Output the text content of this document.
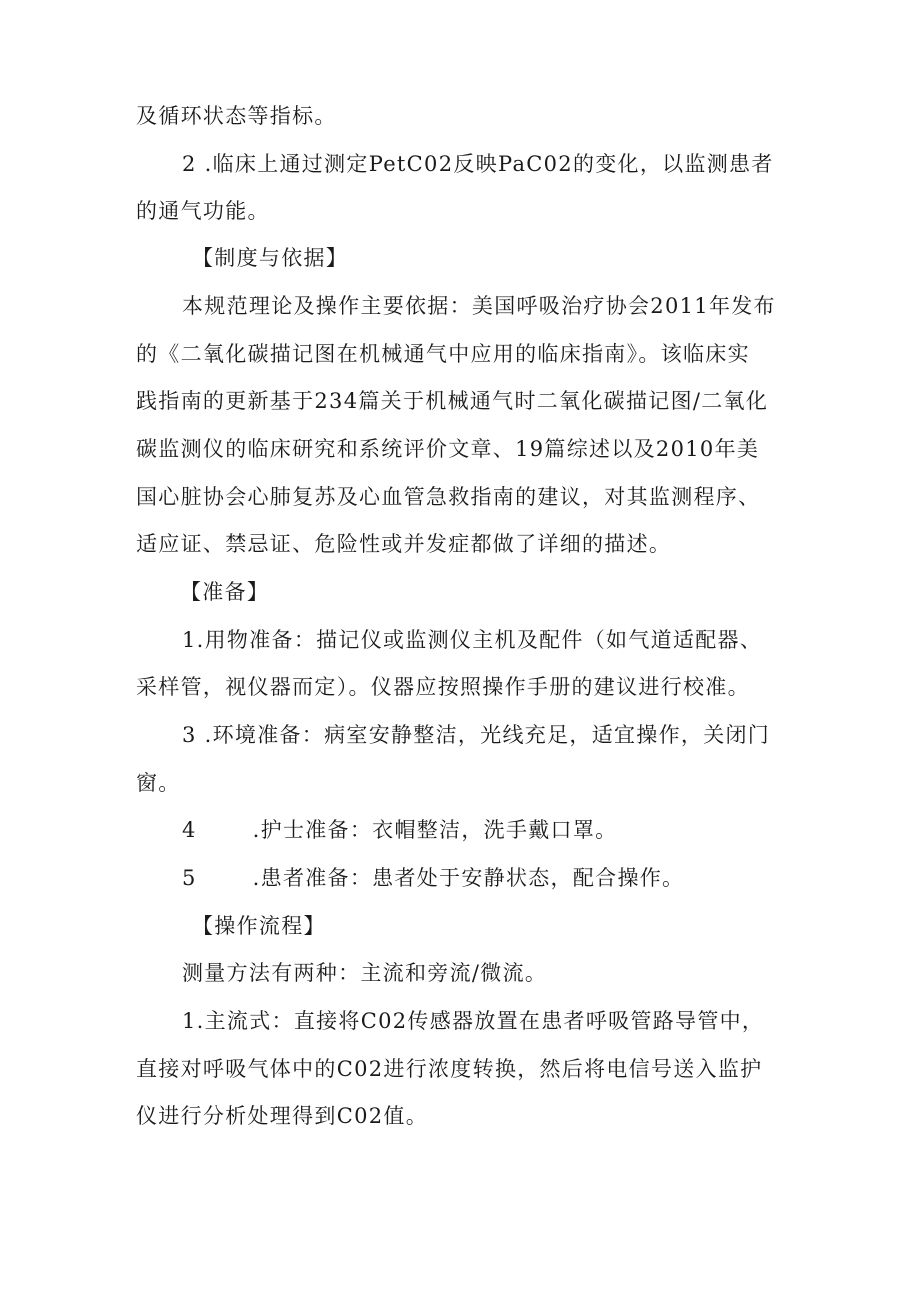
及循环状态等指标。
2 .临床上通过测定PetC02反映PaC02的变化，以监测患者
的通气功能。
【制度与依据】
本规范理论及操作主要依据：美国呼吸治疗协会2011年发布
的《二氧化碳描记图在机械通气中应用的临床指南》。该临床实
践指南的更新基于234篇关于机械通气时二氧化碳描记图/二氧化
碳监测仪的临床研究和系统评价文章、19篇综述以及2010年美
国心脏协会心肺复苏及心血管急救指南的建议，对其监测程序、
适应证、禁忌证、危险性或并发症都做了详细的描述。
【准备】
1.用物准备：描记仪或监测仪主机及配件（如气道适配器、
采样管，视仪器而定）。仪器应按照操作手册的建议进行校准。
3 .环境准备：病室安静整洁，光线充足，适宜操作，关闭门
窗。
4	.护士准备：衣帽整洁，洗手戴口罩。
5	.患者准备：患者处于安静状态，配合操作。
【操作流程】
测量方法有两种：主流和旁流/微流。
1.主流式：直接将C02传感器放置在患者呼吸管路导管中，
直接对呼吸气体中的C02进行浓度转换，然后将电信号送入监护
仪进行分析处理得到C02值。
